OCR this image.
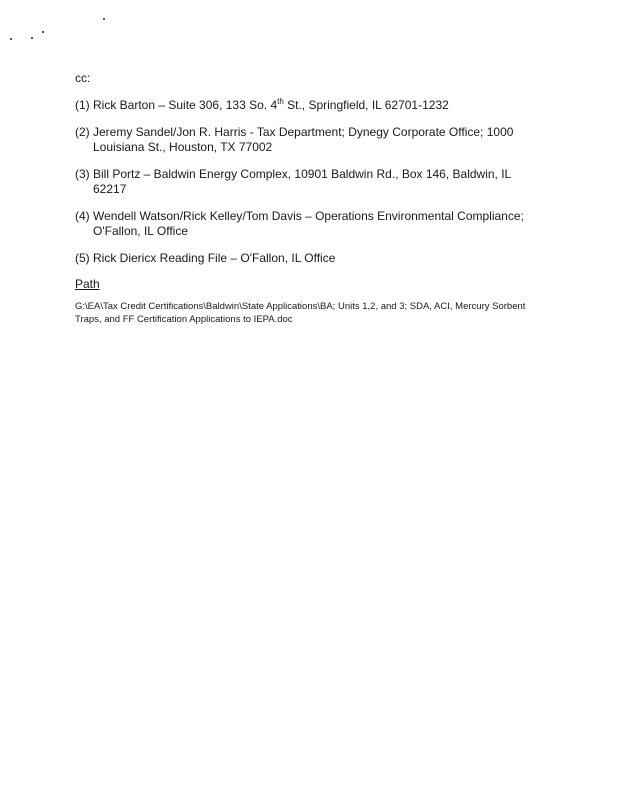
cc:
(1) Rick Barton – Suite 306, 133 So. 4th St., Springfield, IL 62701-1232
(2) Jeremy Sandel/Jon R. Harris - Tax Department; Dynegy Corporate Office; 1000 Louisiana St., Houston, TX 77002
(3) Bill Portz – Baldwin Energy Complex, 10901 Baldwin Rd., Box 146, Baldwin, IL 62217
(4) Wendell Watson/Rick Kelley/Tom Davis – Operations Environmental Compliance; O'Fallon, IL Office
(5) Rick Diericx Reading File – O'Fallon, IL Office
Path
G:\EA\Tax Credit Certifications\Baldwin\State Applications\BA; Units 1,2, and 3; SDA, ACI, Mercury Sorbent Traps, and FF Certification Applications to IEPA.doc
